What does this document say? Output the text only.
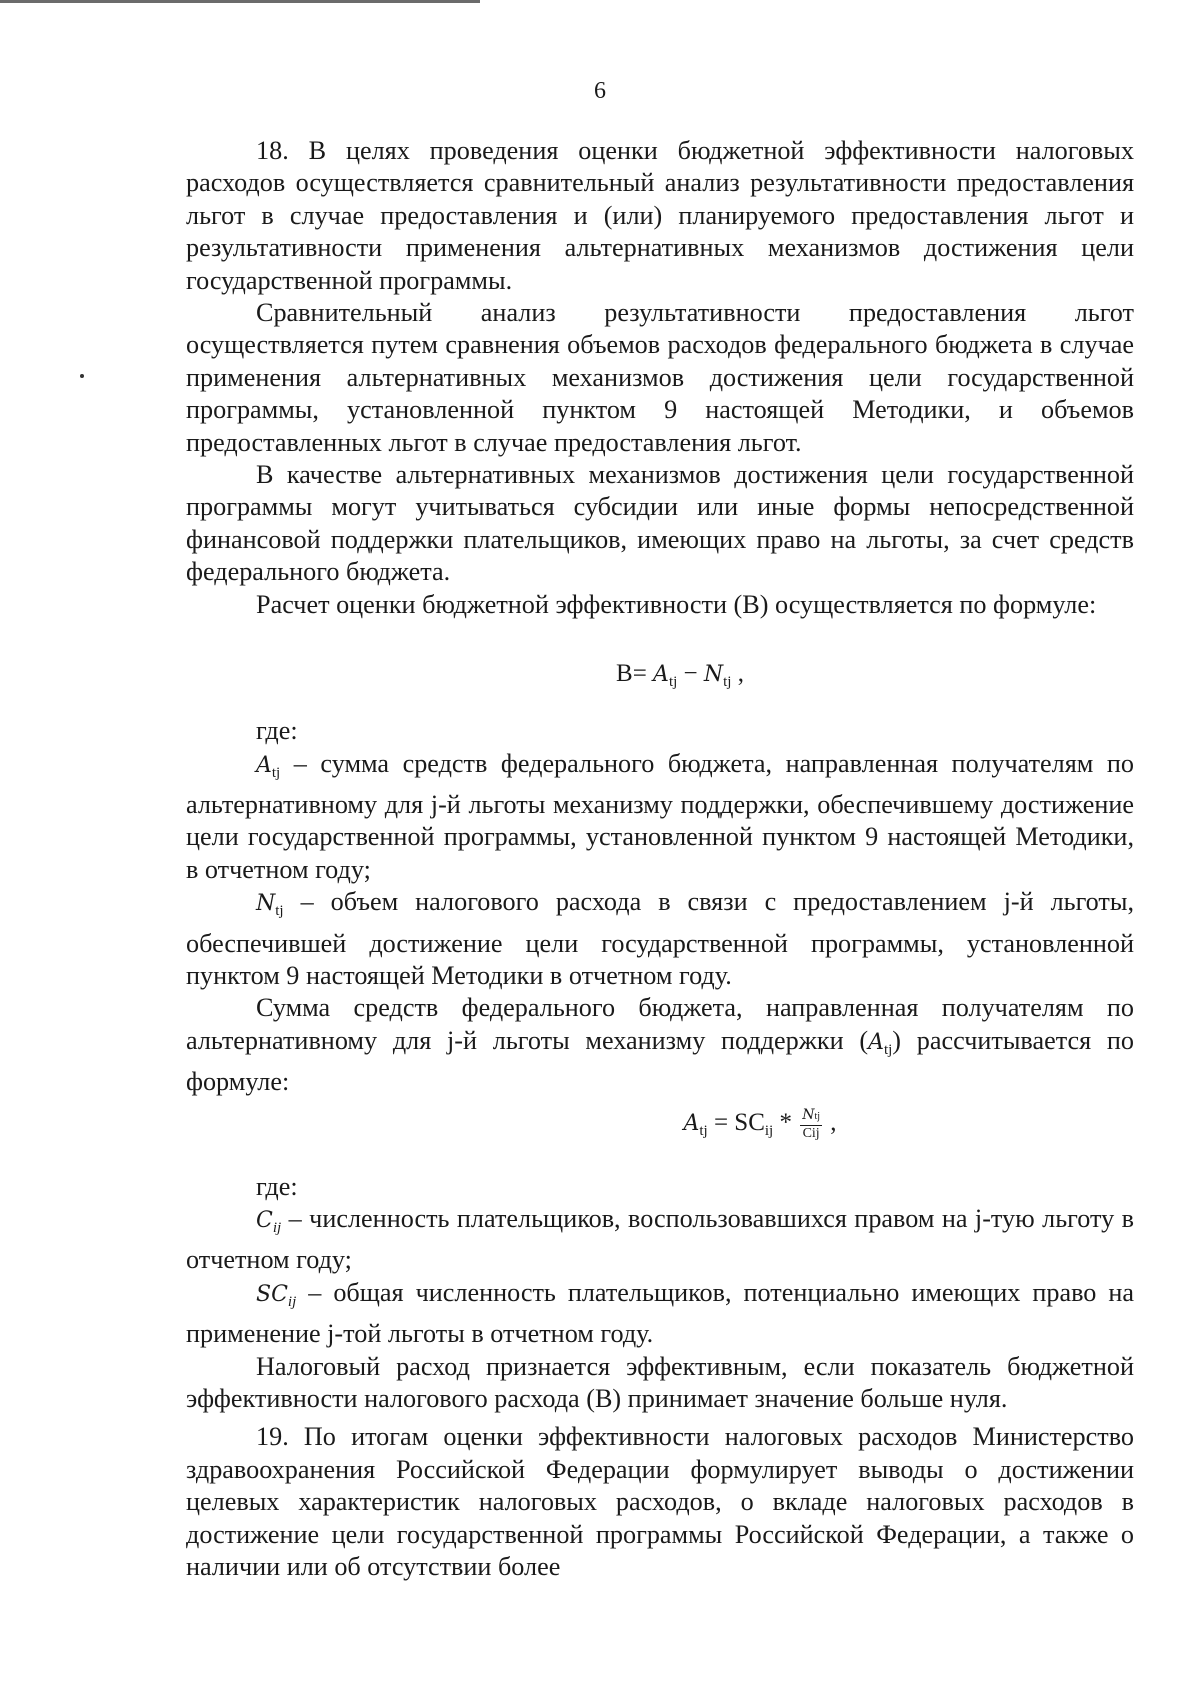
6

18. В целях проведения оценки бюджетной эффективности налоговых расходов осуществляется сравнительный анализ результативности предоставления льгот в случае предоставления и (или) планируемого предоставления льгот и результативности применения альтернативных механизмов достижения цели государственной программы.

Сравнительный анализ результативности предоставления льгот осуществляется путем сравнения объемов расходов федерального бюджета в случае применения альтернативных механизмов достижения цели государственной программы, установленной пунктом 9 настоящей Методики, и объемов предоставленных льгот в случае предоставления льгот.

В качестве альтернативных механизмов достижения цели государственной программы могут учитываться субсидии или иные формы непосредственной финансовой поддержки плательщиков, имеющих право на льготы, за счет средств федерального бюджета.

Расчет оценки бюджетной эффективности (B) осуществляется по формуле:

$B= A_{tj} - N_{tj}$ ,

где:

$A_{tj}$ – сумма средств федерального бюджета, направленная получателям по альтернативному для j-й льготы механизму поддержки, обеспечившему достижение цели государственной программы, установленной пунктом 9 настоящей Методики, в отчетном году;

$N_{tj}$ – объем налогового расхода в связи с предоставлением j-й льготы, обеспечившей достижение цели государственной программы, установленной пунктом 9 настоящей Методики в отчетном году.

Сумма средств федерального бюджета, направленная получателям по альтернативному для j-й льготы механизму поддержки $(A_{tj})$ рассчитывается по формуле:

$A_{tj} = SC_{ij} * \frac{\text{Ntj}}{\text{Cij}}$ ,

где:

$C_{ij}$ – численность плательщиков, воспользовавшихся правом на j-тую льготу в отчетном году;

$SC_{ij}$ – общая численность плательщиков, потенциально имеющих право на применение j-той льготы в отчетном году.

Налоговый расход признается эффективным, если показатель бюджетной эффективности налогового расхода (B) принимает значение больше нуля.

19. По итогам оценки эффективности налоговых расходов Министерство здравоохранения Российской Федерации формулирует выводы о достижении целевых характеристик налоговых расходов, о вкладе налоговых расходов в достижение цели государственной программы Российской Федерации, а также о наличии или об отсутствии более
